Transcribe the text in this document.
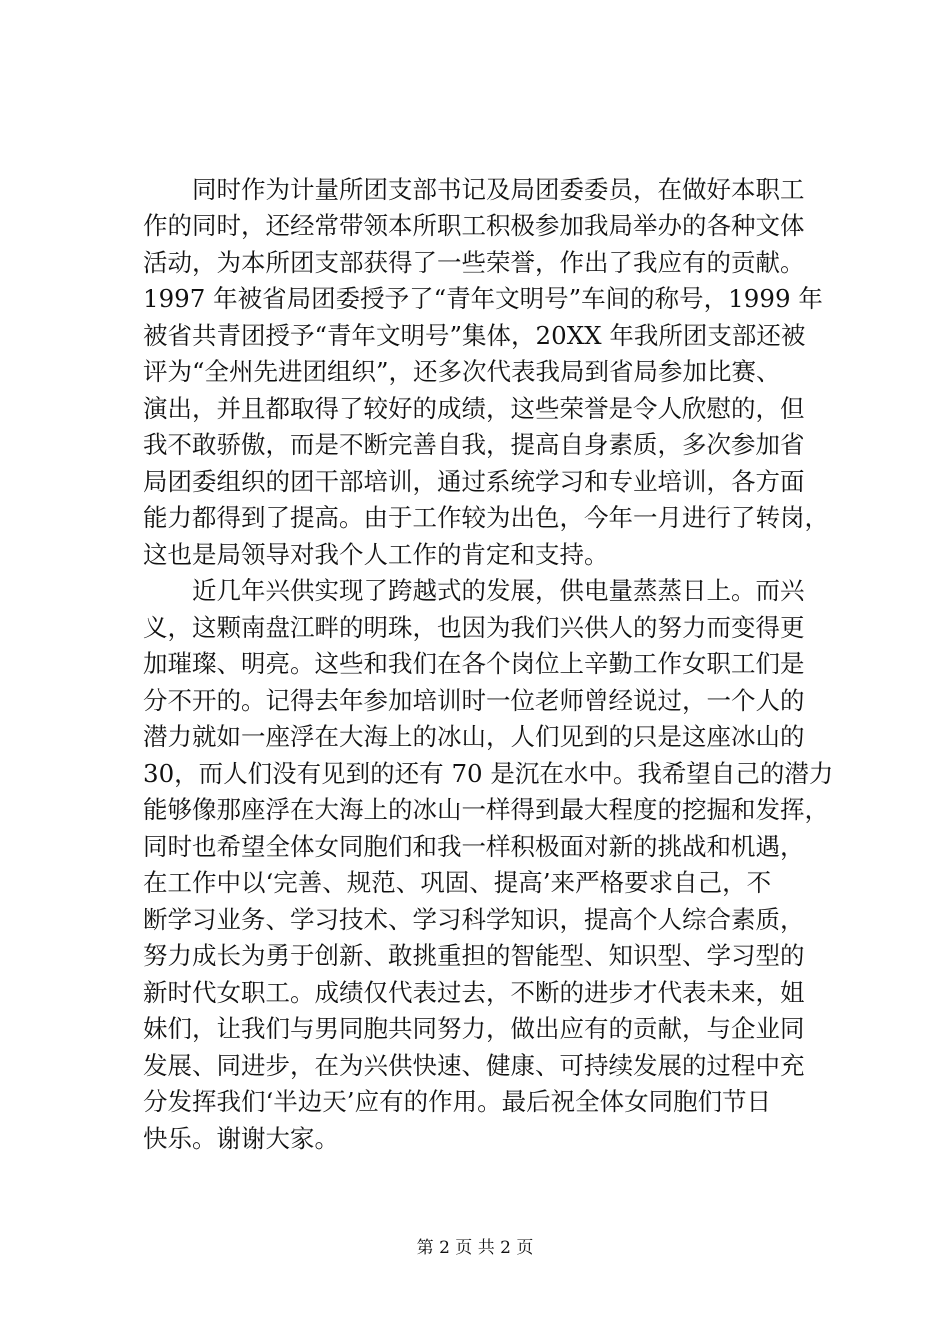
　　同时作为计量所团支部书记及局团委委员，在做好本职工
作的同时，还经常带领本所职工积极参加我局举办的各种文体
活动，为本所团支部获得了一些荣誉，作出了我应有的贡献。
1997 年被省局团委授予了“青年文明号”车间的称号，1999 年
被省共青团授予“青年文明号”集体，20XX 年我所团支部还被
评为“全州先进团组织”，还多次代表我局到省局参加比赛、
演出，并且都取得了较好的成绩，这些荣誉是令人欣慰的，但
我不敢骄傲，而是不断完善自我，提高自身素质，多次参加省
局团委组织的团干部培训，通过系统学习和专业培训，各方面
能力都得到了提高。由于工作较为出色，今年一月进行了转岗，
这也是局领导对我个人工作的肯定和支持。
　　近几年兴供实现了跨越式的发展，供电量蒸蒸日上。而兴
义，这颗南盘江畔的明珠，也因为我们兴供人的努力而变得更
加璀璨、明亮。这些和我们在各个岗位上辛勤工作女职工们是
分不开的。记得去年参加培训时一位老师曾经说过，一个人的
潜力就如一座浮在大海上的冰山，人们见到的只是这座冰山的
30，而人们没有见到的还有 70 是沉在水中。我希望自己的潜力
能够像那座浮在大海上的冰山一样得到最大程度的挖掘和发挥，
同时也希望全体女同胞们和我一样积极面对新的挑战和机遇，
在工作中以‘完善、规范、巩固、提高’来严格要求自己，不
断学习业务、学习技术、学习科学知识，提高个人综合素质，
努力成长为勇于创新、敢挑重担的智能型、知识型、学习型的
新时代女职工。成绩仅代表过去，不断的进步才代表未来，姐
妹们，让我们与男同胞共同努力，做出应有的贡献，与企业同
发展、同进步，在为兴供快速、健康、可持续发展的过程中充
分发挥我们‘半边天’应有的作用。最后祝全体女同胞们节日
快乐。谢谢大家。
第 2 页 共 2 页
